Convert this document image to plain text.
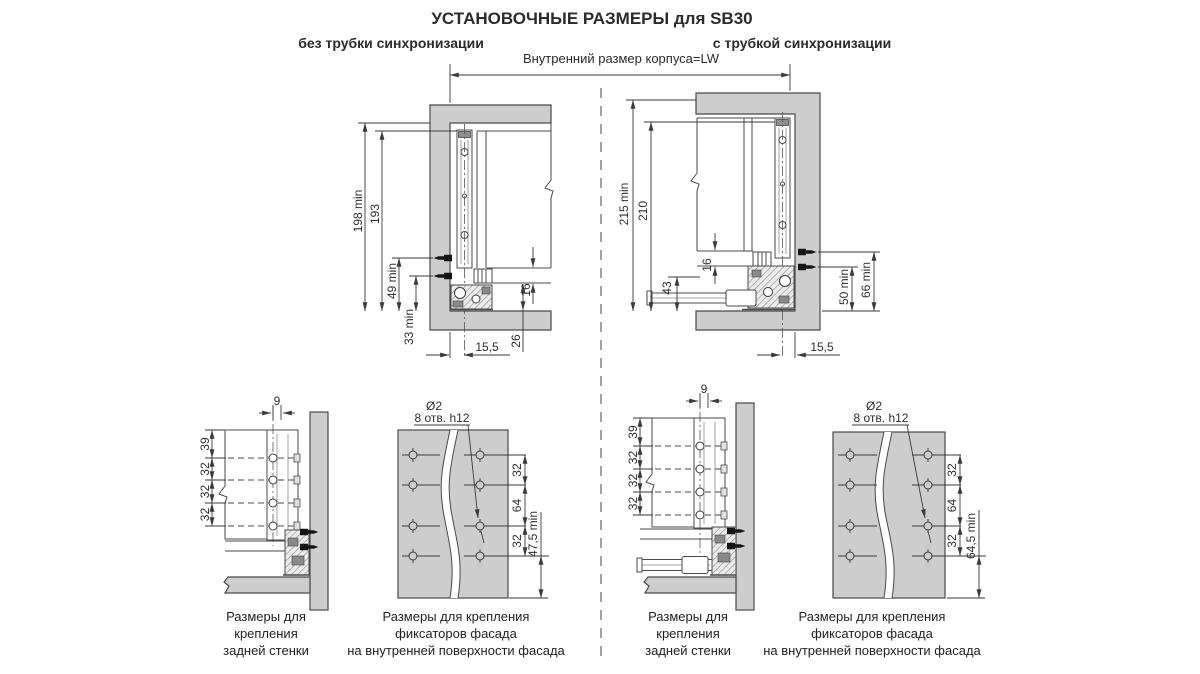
УСТАНОВОЧНЫЕ РАЗМЕРЫ для SB30
без трубки синхронизации	с трубкой синхронизации
Внутренний размер корпуса=LW
198 min 193
49 min
33 min
16
26
15,5
215 min 210
16
43	50 min 66 min
15,5
39
32
32
32
9
Размеры для
крепления
задней стенки
Ø2
8 отв. h12
32
64
32 47,5 min
Размеры для крепления
фиксаторов фасада
на внутренней поверхности фасада
39
32
32
32
9
Размеры для
крепления
задней стенки
Ø2
8 отв. h12
32
64
32 64,5 min
Размеры для крепления
фиксаторов фасада
на внутренней поверхности фасада
